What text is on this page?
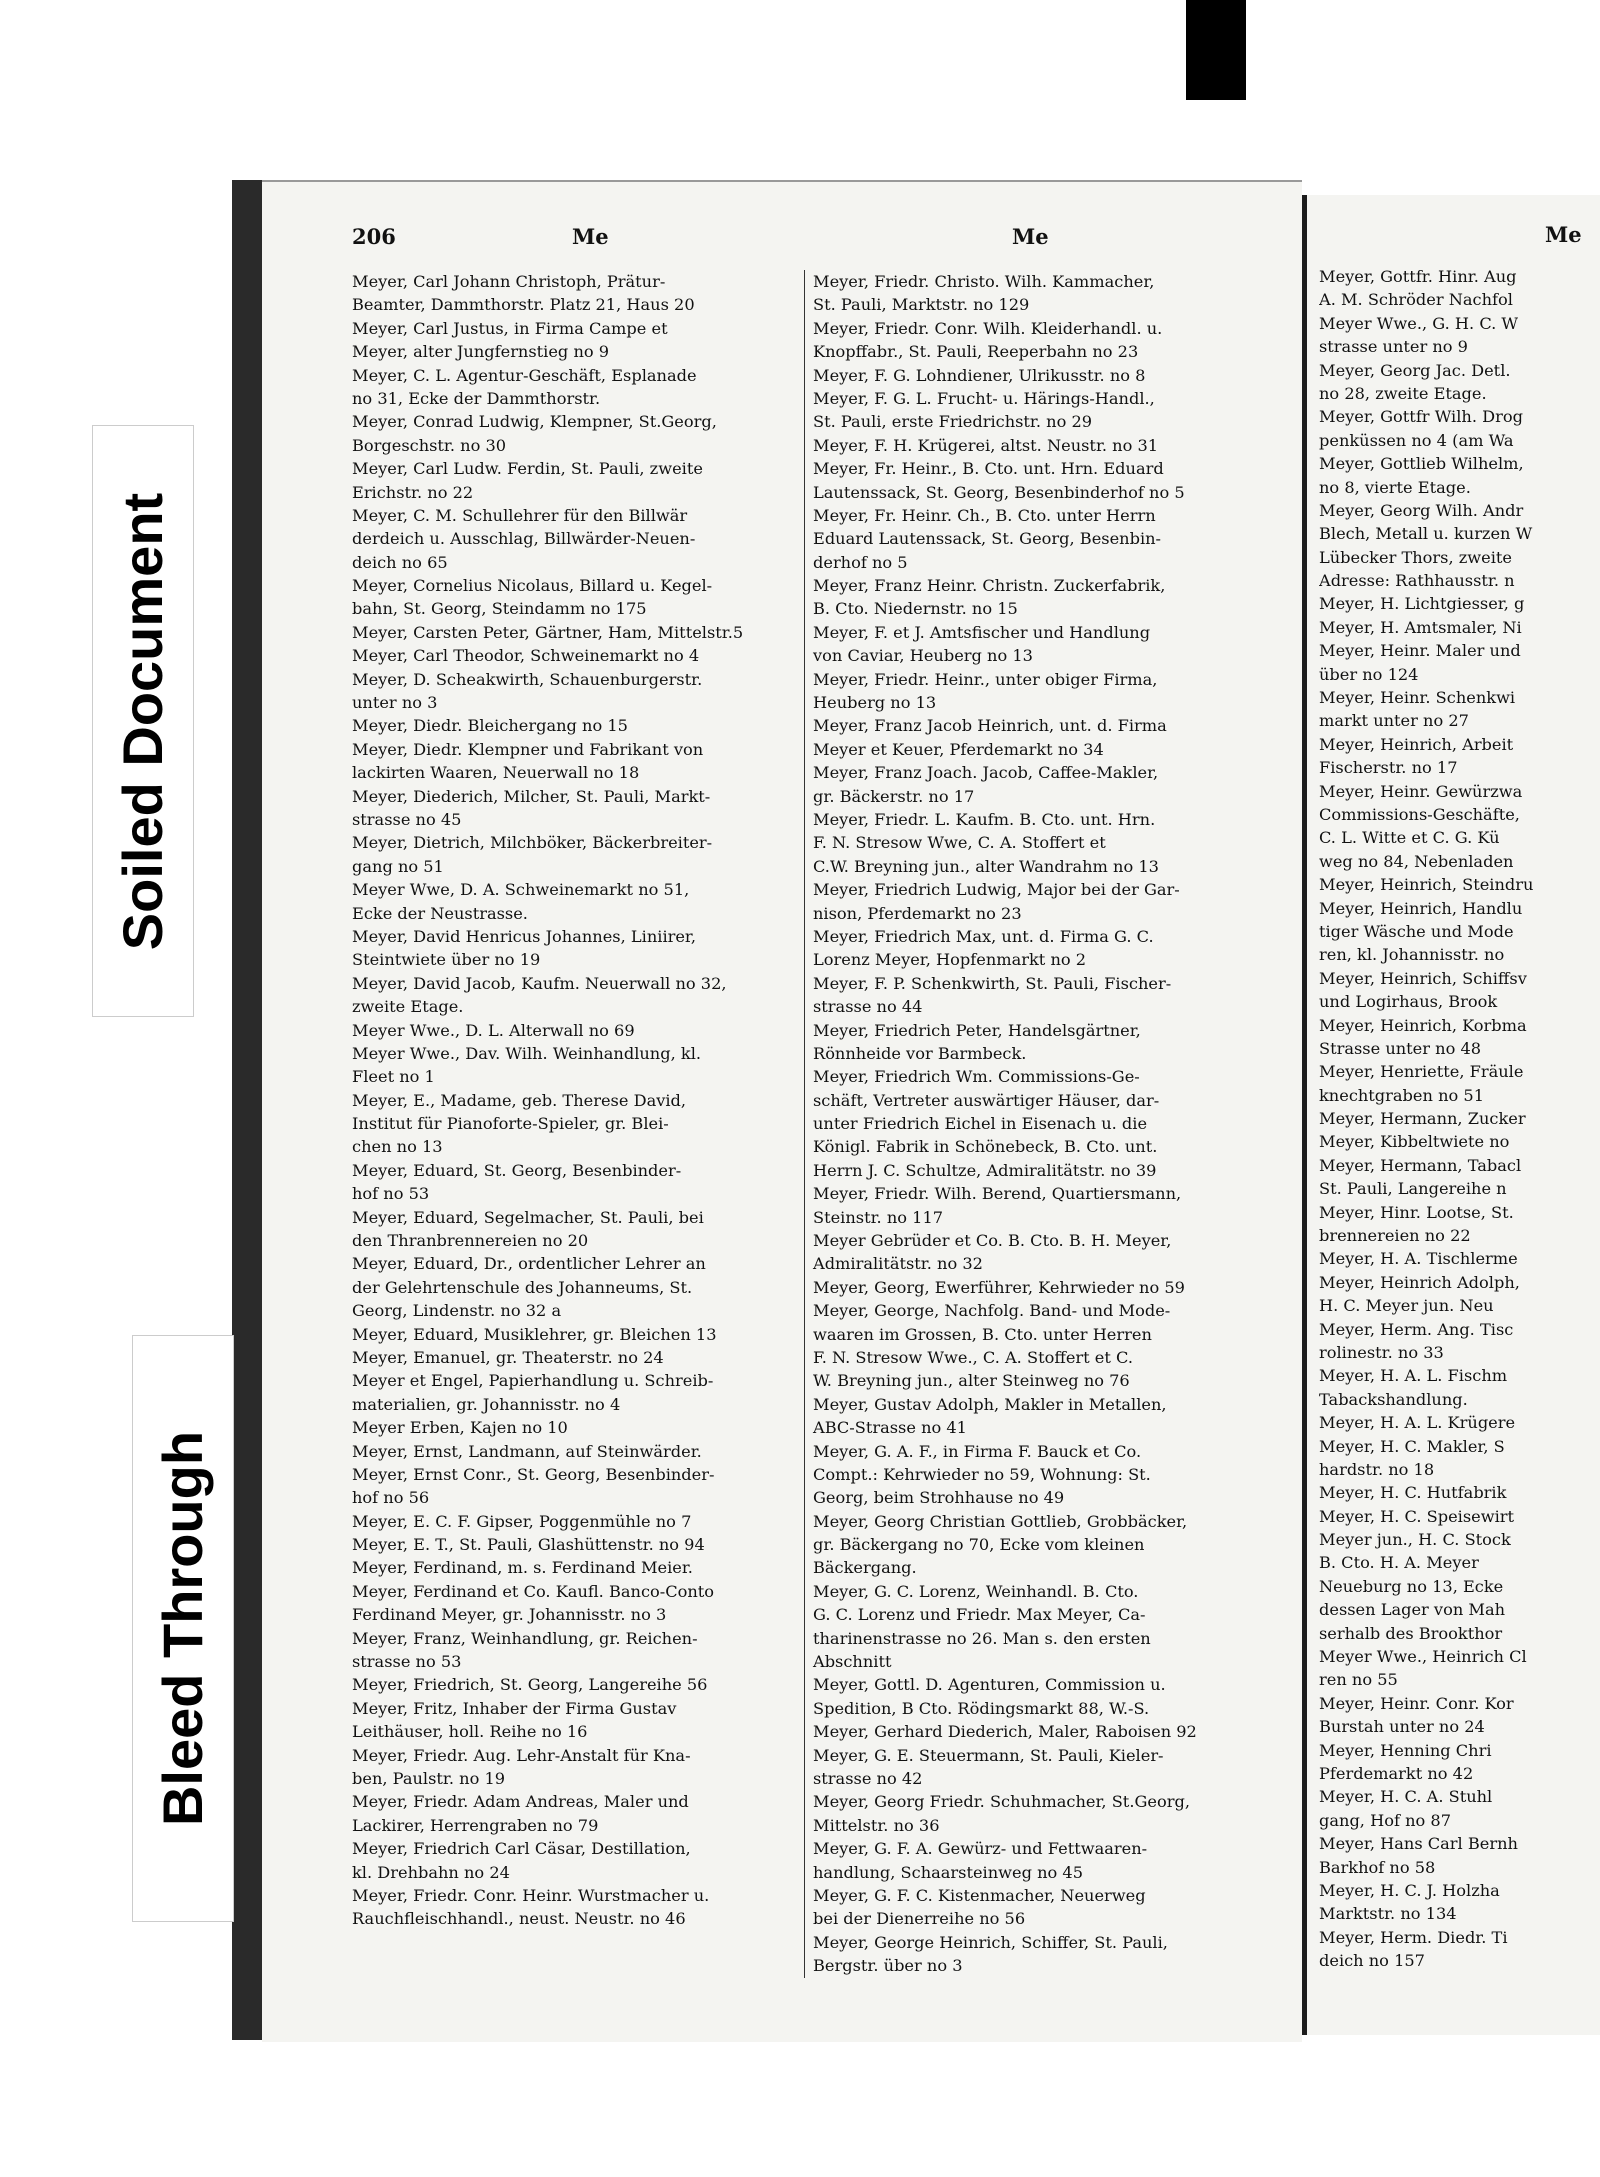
206	Me	Me
Meyer, Carl Johann Christoph, Prätur-
Beamter, Dammthorstr. Platz 21, Haus 20
Meyer, Carl Justus, in Firma Campe et
Meyer, alter Jungfernstieg no 9
Meyer, C. L. Agentur-Geschäft, Esplanade
no 31, Ecke der Dammthorstr.
Meyer, Conrad Ludwig, Klempner, St.Georg,
Borgeschstr. no 30
Meyer, Carl Ludw. Ferdin, St. Pauli, zweite
Erichstr. no 22
Meyer, C. M. Schullehrer für den Billwär
derdeich u. Ausschlag, Billwärder-Neuen-
deich no 65
Meyer, Cornelius Nicolaus, Billard u. Kegel-
bahn, St. Georg, Steindamm no 175
Meyer, Carsten Peter, Gärtner, Ham, Mittelstr.5
Meyer, Carl Theodor, Schweinemarkt no 4
Meyer, D. Scheakwirth, Schauenburgerstr.
unter no 3
Meyer, Diedr. Bleichergang no 15
Meyer, Diedr. Klempner und Fabrikant von
lackirten Waaren, Neuerwall no 18
Meyer, Diederich, Milcher, St. Pauli, Markt-
strasse no 45
Meyer, Dietrich, Milchböker, Bäckerbreiter-
gang no 51
Meyer Wwe, D. A. Schweinemarkt no 51,
Ecke der Neustrasse.
Meyer, David Henricus Johannes, Liniirer,
Steintwiete über no 19
Meyer, David Jacob, Kaufm. Neuerwall no 32,
zweite Etage.
Meyer Wwe., D. L. Alterwall no 69
Meyer Wwe., Dav. Wilh. Weinhandlung, kl.
Fleet no 1
Meyer, E., Madame, geb. Therese David,
Institut für Pianoforte-Spieler, gr. Blei-
chen no 13
Meyer, Eduard, St. Georg, Besenbinder-
hof no 53
Meyer, Eduard, Segelmacher, St. Pauli, bei
den Thranbrennereien no 20
Meyer, Eduard, Dr., ordentlicher Lehrer an
der Gelehrtenschule des Johanneums, St.
Georg, Lindenstr. no 32 a
Meyer, Eduard, Musiklehrer, gr. Bleichen 13
Meyer, Emanuel, gr. Theaterstr. no 24
Meyer et Engel, Papierhandlung u. Schreib-
materialien, gr. Johannisstr. no 4
Meyer Erben, Kajen no 10
Meyer, Ernst, Landmann, auf Steinwärder.
Meyer, Ernst Conr., St. Georg, Besenbinder-
hof no 56
Meyer, E. C. F. Gipser, Poggenmühle no 7
Meyer, E. T., St. Pauli, Glashüttenstr. no 94
Meyer, Ferdinand, m. s. Ferdinand Meier.
Meyer, Ferdinand et Co. Kaufl. Banco-Conto
Ferdinand Meyer, gr. Johannisstr. no 3
Meyer, Franz, Weinhandlung, gr. Reichen-
strasse no 53
Meyer, Friedrich, St. Georg, Langereihe 56
Meyer, Fritz, Inhaber der Firma Gustav
Leithäuser, holl. Reihe no 16
Meyer, Friedr. Aug. Lehr-Anstalt für Kna-
ben, Paulstr. no 19
Meyer, Friedr. Adam Andreas, Maler und
Lackirer, Herrengraben no 79
Meyer, Friedrich Carl Cäsar, Destillation,
kl. Drehbahn no 24
Meyer, Friedr. Conr. Heinr. Wurstmacher u.
Rauchfleischhandl., neust. Neustr. no 46
Meyer, Friedr. Christo. Wilh. Kammacher,
St. Pauli, Marktstr. no 129
Meyer, Friedr. Conr. Wilh. Kleiderhandl. u.
Knopffabr., St. Pauli, Reeperbahn no 23
Meyer, F. G. Lohndiener, Ulrikusstr. no 8
Meyer, F. G. L. Frucht- u. Härings-Handl.,
St. Pauli, erste Friedrichstr. no 29
Meyer, F. H. Krügerei, altst. Neustr. no 31
Meyer, Fr. Heinr., B. Cto. unt. Hrn. Eduard
Lautenssack, St. Georg, Besenbinderhof no 5
Meyer, Fr. Heinr. Ch., B. Cto. unter Herrn
Eduard Lautenssack, St. Georg, Besenbin-
derhof no 5
Meyer, Franz Heinr. Christn. Zuckerfabrik,
B. Cto. Niedernstr. no 15
Meyer, F. et J. Amtsfischer und Handlung
von Caviar, Heuberg no 13
Meyer, Friedr. Heinr., unter obiger Firma,
Heuberg no 13
Meyer, Franz Jacob Heinrich, unt. d. Firma
Meyer et Keuer, Pferdemarkt no 34
Meyer, Franz Joach. Jacob, Caffee-Makler,
gr. Bäckerstr. no 17
Meyer, Friedr. L. Kaufm. B. Cto. unt. Hrn.
F. N. Stresow Wwe, C. A. Stoffert et
C.W. Breyning jun., alter Wandrahm no 13
Meyer, Friedrich Ludwig, Major bei der Gar-
nison, Pferdemarkt no 23
Meyer, Friedrich Max, unt. d. Firma G. C.
Lorenz Meyer, Hopfenmarkt no 2
Meyer, F. P. Schenkwirth, St. Pauli, Fischer-
strasse no 44
Meyer, Friedrich Peter, Handelsgärtner,
Rönnheide vor Barmbeck.
Meyer, Friedrich Wm. Commissions-Ge-
schäft, Vertreter auswärtiger Häuser, dar-
unter Friedrich Eichel in Eisenach u. die
Königl. Fabrik in Schönebeck, B. Cto. unt.
Herrn J. C. Schultze, Admiralitätstr. no 39
Meyer, Friedr. Wilh. Berend, Quartiersmann,
Steinstr. no 117
Meyer Gebrüder et Co. B. Cto. B. H. Meyer,
Admiralitätstr. no 32
Meyer, Georg, Ewerführer, Kehrwieder no 59
Meyer, George, Nachfolg. Band- und Mode-
waaren im Grossen, B. Cto. unter Herren
F. N. Stresow Wwe., C. A. Stoffert et C.
W. Breyning jun., alter Steinweg no 76
Meyer, Gustav Adolph, Makler in Metallen,
ABC-Strasse no 41
Meyer, G. A. F., in Firma F. Bauck et Co.
Compt.: Kehrwieder no 59, Wohnung: St.
Georg, beim Strohhause no 49
Meyer, Georg Christian Gottlieb, Grobbäcker,
gr. Bäckergang no 70, Ecke vom kleinen
Bäckergang.
Meyer, G. C. Lorenz, Weinhandl. B. Cto.
G. C. Lorenz und Friedr. Max Meyer, Ca-
tharinenstrasse no 26. Man s. den ersten
Abschnitt
Meyer, Gottl. D. Agenturen, Commission u.
Spedition, B Cto. Rödingsmarkt 88, W.-S.
Meyer, Gerhard Diederich, Maler, Raboisen 92
Meyer, G. E. Steuermann, St. Pauli, Kieler-
strasse no 42
Meyer, Georg Friedr. Schuhmacher, St.Georg,
Mittelstr. no 36
Meyer, G. F. A. Gewürz- und Fettwaaren-
handlung, Schaarsteinweg no 45
Meyer, G. F. C. Kistenmacher, Neuerweg
bei der Dienerreihe no 56
Meyer, George Heinrich, Schiffer, St. Pauli,
Bergstr. über no 3
Me
Meyer, Gottfr. Hinr. Aug
A. M. Schröder Nachfol
Meyer Wwe., G. H. C. W
strasse unter no 9
Meyer, Georg Jac. Detl.
no 28, zweite Etage.
Meyer, Gottfr Wilh. Drog
penküssen no 4 (am Wa
Meyer, Gottlieb Wilhelm,
no 8, vierte Etage.
Meyer, Georg Wilh. Andr
Blech, Metall u. kurzen W
Lübecker Thors, zweite
Adresse: Rathhausstr. n
Meyer, H. Lichtgiesser, g
Meyer, H. Amtsmaler, Ni
Meyer, Heinr. Maler und
über no 124
Meyer, Heinr. Schenkwi
markt unter no 27
Meyer, Heinrich, Arbeit
Fischerstr. no 17
Meyer, Heinr. Gewürzwa
Commissions-Geschäfte,
C. L. Witte et C. G. Kü
weg no 84, Nebenladen
Meyer, Heinrich, Steindru
Meyer, Heinrich, Handlu
tiger Wäsche und Mode
ren, kl. Johannisstr. no
Meyer, Heinrich, Schiffsv
und Logirhaus, Brook
Meyer, Heinrich, Korbma
Strasse unter no 48
Meyer, Henriette, Fräule
knechtgraben no 51
Meyer, Hermann, Zucker
Meyer, Kibbeltwiete no
Meyer, Hermann, Tabacl
St. Pauli, Langereihe n
Meyer, Hinr. Lootse, St.
brennereien no 22
Meyer, H. A. Tischlerme
Meyer, Heinrich Adolph,
H. C. Meyer jun. Neu
Meyer, Herm. Ang. Tisc
rolinestr. no 33
Meyer, H. A. L. Fischm
Tabackshandlung.
Meyer, H. A. L. Krügere
Meyer, H. C. Makler, S
hardstr. no 18
Meyer, H. C. Hutfabrik
Meyer, H. C. Speisewirt
Meyer jun., H. C. Stock
B. Cto. H. A. Meyer
Neueburg no 13, Ecke
dessen Lager von Mah
serhalb des Brookthor
Meyer Wwe., Heinrich Cl
ren no 55
Meyer, Heinr. Conr. Kor
Burstah unter no 24
Meyer, Henning Chri
Pferdemarkt no 42
Meyer, H. C. A. Stuhl
gang, Hof no 87
Meyer, Hans Carl Bernh
Barkhof no 58
Meyer, H. C. J. Holzha
Marktstr. no 134
Meyer, Herm. Diedr. Ti
deich no 157
Soiled Document
Bleed Through
